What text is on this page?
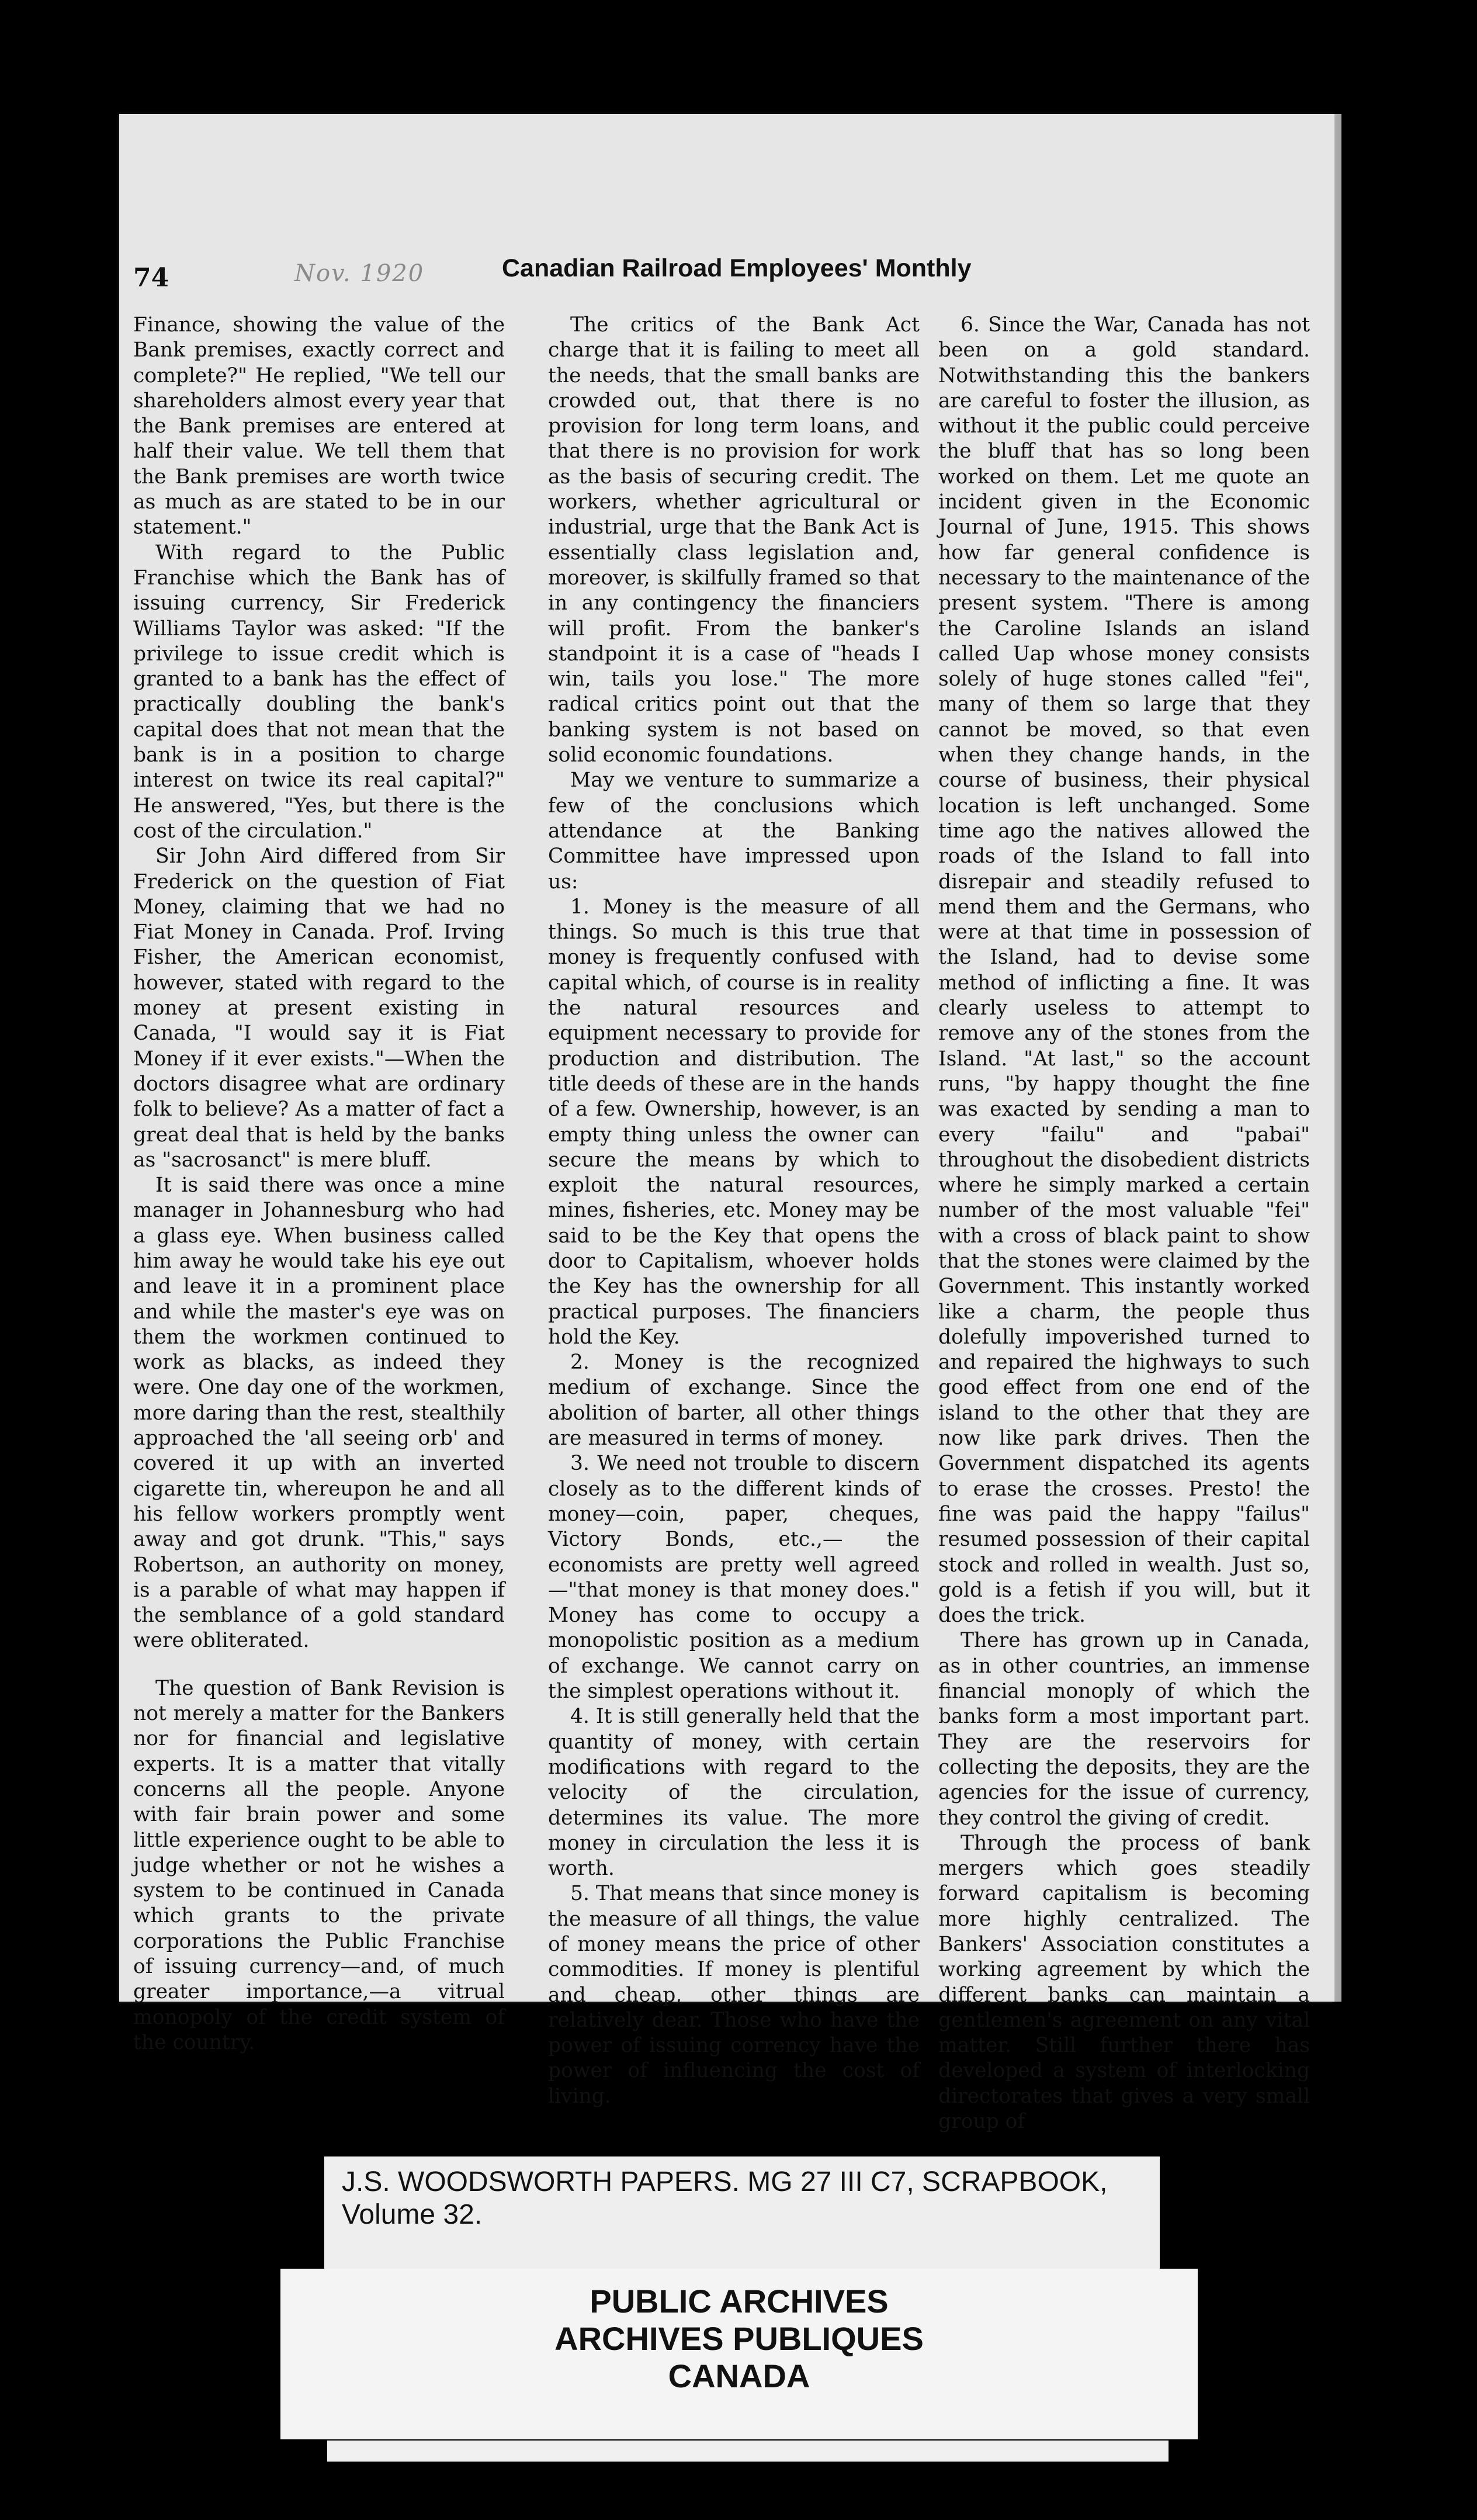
74	Nov. 1920	Canadian Railroad Employees' Monthly

Finance, showing the value of the Bank premises, exactly correct and complete?" He replied, "We tell our shareholders almost every year that the Bank premises are entered at half their value. We tell them that the Bank premises are worth twice as much as are stated to be in our statement."

With regard to the Public Franchise which the Bank has of issuing currency, Sir Frederick Williams Taylor was asked: "If the privilege to issue credit which is granted to a bank has the effect of practically doubling the bank's capital does that not mean that the bank is in a position to charge interest on twice its real capital?" He answered, "Yes, but there is the cost of the circulation."

Sir John Aird differed from Sir Frederick on the question of Fiat Money, claiming that we had no Fiat Money in Canada. Prof. Irving Fisher, the American economist, however, stated with regard to the money at present existing in Canada, "I would say it is Fiat Money if it ever exists."—When the doctors disagree what are ordinary folk to believe? As a matter of fact a great deal that is held by the banks as "sacrosanct" is mere bluff.

It is said there was once a mine manager in Johannesburg who had a glass eye. When business called him away he would take his eye out and leave it in a prominent place and while the master's eye was on them the workmen continued to work as blacks, as indeed they were. One day one of the workmen, more daring than the rest, stealthily approached the 'all seeing orb' and covered it up with an inverted cigarette tin, whereupon he and all his fellow workers promptly went away and got drunk. "This," says Robertson, an authority on money, is a parable of what may happen if the semblance of a gold standard were obliterated.

The question of Bank Revision is not merely a matter for the Bankers nor for financial and legislative experts. It is a matter that vitally concerns all the people. Anyone with fair brain power and some little experience ought to be able to judge whether or not he wishes a system to be continued in Canada which grants to the private corporations the Public Franchise of issuing currency—and, of much greater importance,—a vitrual monopoly of the credit system of the country.

The critics of the Bank Act charge that it is failing to meet all the needs, that the small banks are crowded out, that there is no provision for long term loans, and that there is no provision for work as the basis of securing credit. The workers, whether agricultural or industrial, urge that the Bank Act is essentially class legislation and, moreover, is skilfully framed so that in any contingency the financiers will profit. From the banker's standpoint it is a case of "heads I win, tails you lose." The more radical critics point out that the banking system is not based on solid economic foundations.

May we venture to summarize a few of the conclusions which attendance at the Banking Committee have impressed upon us:

1. Money is the measure of all things. So much is this true that money is frequently confused with capital which, of course is in reality the natural resources and equipment necessary to provide for production and distribution. The title deeds of these are in the hands of a few. Ownership, however, is an empty thing unless the owner can secure the means by which to exploit the natural resources, mines, fisheries, etc. Money may be said to be the Key that opens the door to Capitalism, whoever holds the Key has the ownership for all practical purposes. The financiers hold the Key.

2. Money is the recognized medium of exchange. Since the abolition of barter, all other things are measured in terms of money.

3. We need not trouble to discern closely as to the different kinds of money—coin, paper, cheques, Victory Bonds, etc.,— the economists are pretty well agreed—"that money is that money does." Money has come to occupy a monopolistic position as a medium of exchange. We cannot carry on the simplest operations without it.

4. It is still generally held that the quantity of money, with certain modifications with regard to the velocity of the circulation, determines its value. The more money in circulation the less it is worth.

5. That means that since money is the measure of all things, the value of money means the price of other commodities. If money is plentiful and cheap, other things are relatively dear. Those who have the power of issuing corrency have the power of influencing the cost of living.

6. Since the War, Canada has not been on a gold standard. Notwithstanding this the bankers are careful to foster the illusion, as without it the public could perceive the bluff that has so long been worked on them. Let me quote an incident given in the Economic Journal of June, 1915. This shows how far general confidence is necessary to the maintenance of the present system. "There is among the Caroline Islands an island called Uap whose money consists solely of huge stones called "fei", many of them so large that they cannot be moved, so that even when they change hands, in the course of business, their physical location is left unchanged. Some time ago the natives allowed the roads of the Island to fall into disrepair and steadily refused to mend them and the Germans, who were at that time in possession of the Island, had to devise some method of inflicting a fine. It was clearly useless to attempt to remove any of the stones from the Island. "At last," so the account runs, "by happy thought the fine was exacted by sending a man to every "failu" and "pabai" throughout the disobedient districts where he simply marked a certain number of the most valuable "fei" with a cross of black paint to show that the stones were claimed by the Government. This instantly worked like a charm, the people thus dolefully impoverished turned to and repaired the highways to such good effect from one end of the island to the other that they are now like park drives. Then the Government dispatched its agents to erase the crosses. Presto! the fine was paid the happy "failus" resumed possession of their capital stock and rolled in wealth. Just so, gold is a fetish if you will, but it does the trick.

There has grown up in Canada, as in other countries, an immense financial monoply of which the banks form a most important part. They are the reservoirs for collecting the deposits, they are the agencies for the issue of currency, they control the giving of credit.

Through the process of bank mergers which goes steadily forward capitalism is becoming more highly centralized. The Bankers' Association constitutes a working agreement by which the different banks can maintain a gentlemen's agreement on any vital matter. Still further there has developed a system of interlocking directorates that gives a very small group of

J.S. WOODSWORTH PAPERS. MG 27 III C7, SCRAPBOOK,
Volume 32.
PUBLIC ARCHIVES
ARCHIVES PUBLIQUES
CANADA
